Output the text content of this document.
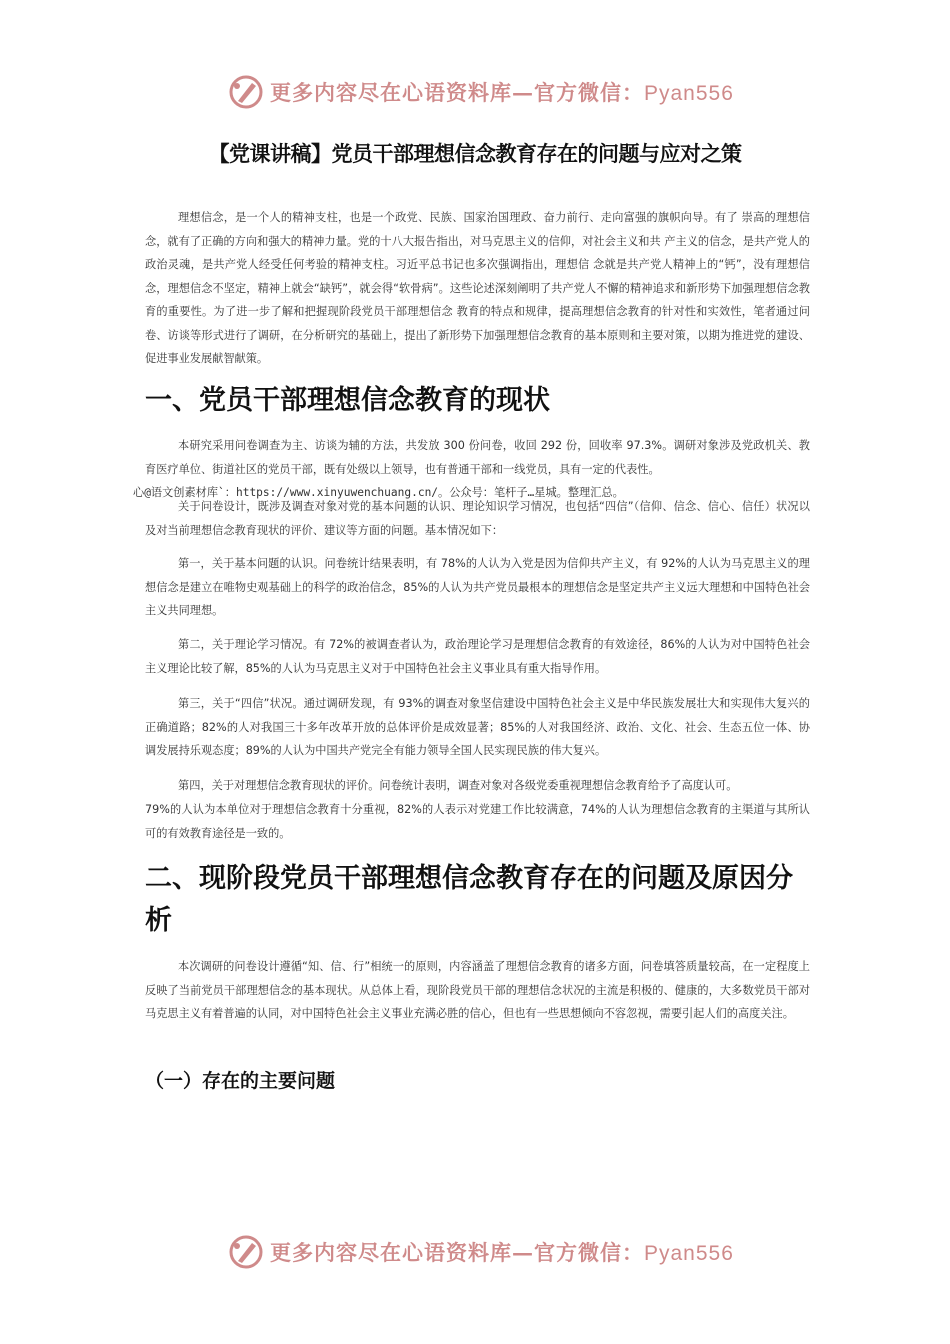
更多内容尽在心语资料库—官方微信：Pyan556
【党课讲稿】党员干部理想信念教育存在的问题与应对之策

理想信念，是一个人的精神支柱，也是一个政党、民族、国家治国理政、奋力前行、走向富强的旗帜向导。有了 崇高的理想信念，就有了正确的方向和强大的精神力量。党的十八大报告指出，对马克思主义的信仰，对社会主义和共 产主义的信念，是共产党人的政治灵魂，是共产党人经受任何考验的精神支柱。习近平总书记也多次强调指出，理想信 念就是共产党人精神上的“钙”，没有理想信念，理想信念不坚定，精神上就会“缺钙”，就会得“软骨病”。这些论述深刻阐明了共产党人不懈的精神追求和新形势下加强理想信念教育的重要性。为了进一步了解和把握现阶段党员干部理想信念 教育的特点和规律，提高理想信念教育的针对性和实效性，笔者通过问卷、访谈等形式进行了调研，在分析研究的基础上，提出了新形势下加强理想信念教育的基本原则和主要对策，以期为推进党的建设、促进事业发展献智献策。

一、党员干部理想信念教育的现状

本研究采用问卷调查为主、访谈为辅的方法，共发放 300 份问卷，收回 292 份，回收率 97.3%。调研对象涉及党政机关、教育医疗单位、街道社区的党员干部，既有处级以上领导，也有普通干部和一线党员，具有一定的代表性。

心@语文创素材库`：https://www.xinyuwenchuang.cn/。公众号：笔杆子…星城。整理汇总。

关于问卷设计，既涉及调查对象对党的基本问题的认识、理论知识学习情况，也包括“四信”（信仰、信念、信心、信任）状况以及对当前理想信念教育现状的评价、建议等方面的问题。基本情况如下：

第一，关于基本问题的认识。问卷统计结果表明，有 78%的人认为入党是因为信仰共产主义，有 92%的人认为马克思主义的理想信念是建立在唯物史观基础上的科学的政治信念，85%的人认为共产党员最根本的理想信念是坚定共产主义远大理想和中国特色社会主义共同理想。

第二，关于理论学习情况。有 72%的被调查者认为，政治理论学习是理想信念教育的有效途径，86%的人认为对中国特色社会主义理论比较了解，85%的人认为马克思主义对于中国特色社会主义事业具有重大指导作用。

第三，关于“四信”状况。通过调研发现，有 93%的调查对象坚信建设中国特色社会主义是中华民族发展壮大和实现伟大复兴的正确道路；82%的人对我国三十多年改革开放的总体评价是成效显著；85%的人对我国经济、政治、文化、社会、生态五位一体、协调发展持乐观态度；89%的人认为中国共产党完全有能力领导全国人民实现民族的伟大复兴。

第四，关于对理想信念教育现状的评价。问卷统计表明，调查对象对各级党委重视理想信念教育给予了高度认可。

79%的人认为本单位对于理想信念教育十分重视，82%的人表示对党建工作比较满意，74%的人认为理想信念教育的主渠道与其所认可的有效教育途径是一致的。

二、现阶段党员干部理想信念教育存在的问题及原因分析

本次调研的问卷设计遵循“知、信、行”相统一的原则，内容涵盖了理想信念教育的诸多方面，问卷填答质量较高，在一定程度上反映了当前党员干部理想信念的基本现状。从总体上看，现阶段党员干部的理想信念状况的主流是积极的、健康的，大多数党员干部对马克思主义有着普遍的认同，对中国特色社会主义事业充满必胜的信心，但也有一些思想倾向不容忽视，需要引起人们的高度关注。

（一）存在的主要问题
更多内容尽在心语资料库—官方微信：Pyan556
